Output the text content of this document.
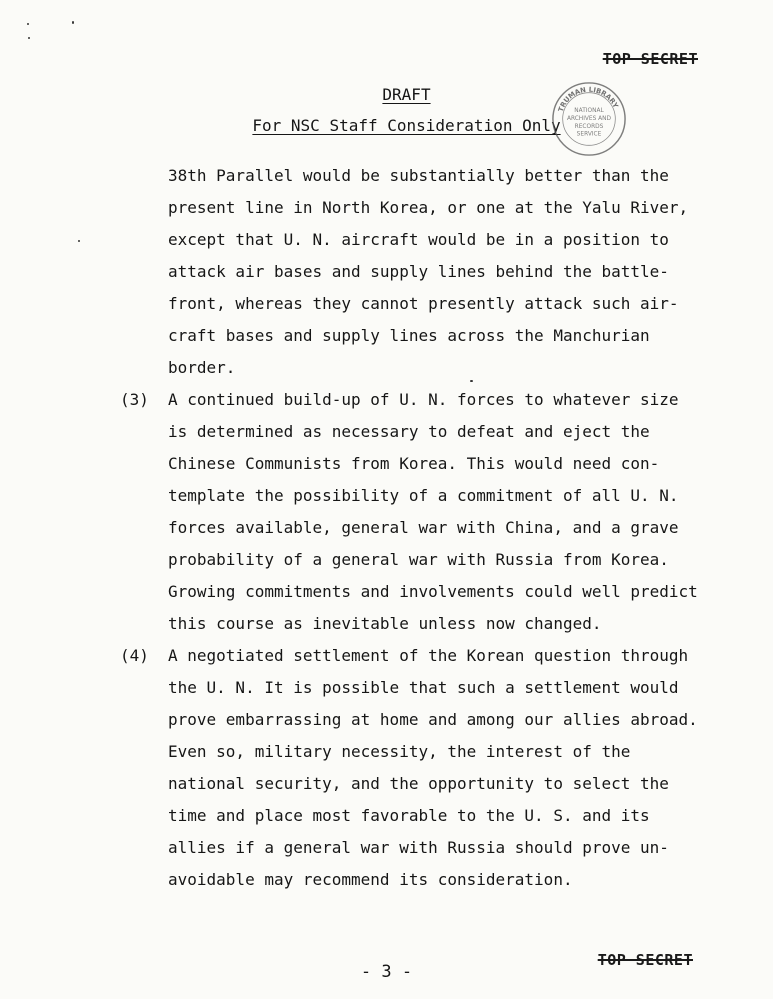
TOP SECRET
DRAFT
For NSC Staff Consideration Only
TRUMAN LIBRARY
NATIONAL
ARCHIVES AND
RECORDS
SERVICE
38th Parallel would be substantially better than the
present line in North Korea, or one at the Yalu River,
except that U. N. aircraft would be in a position to
attack air bases and supply lines behind the battle-
front, whereas they cannot presently attack such air-
craft bases and supply lines across the Manchurian
border.
(3)	A continued build-up of U. N. forces to whatever size
is determined as necessary to defeat and eject the
Chinese Communists from Korea. This would need con-
template the possibility of a commitment of all U. N.
forces available, general war with China, and a grave
probability of a general war with Russia from Korea.
Growing commitments and involvements could well predict
this course as inevitable unless now changed.
(4)	A negotiated settlement of the Korean question through
the U. N. It is possible that such a settlement would
prove embarrassing at home and among our allies abroad.
Even so, military necessity, the interest of the
national security, and the opportunity to select the
time and place most favorable to the U. S. and its
allies if a general war with Russia should prove un-
avoidable may recommend its consideration.
- 3 -
TOP SECRET
